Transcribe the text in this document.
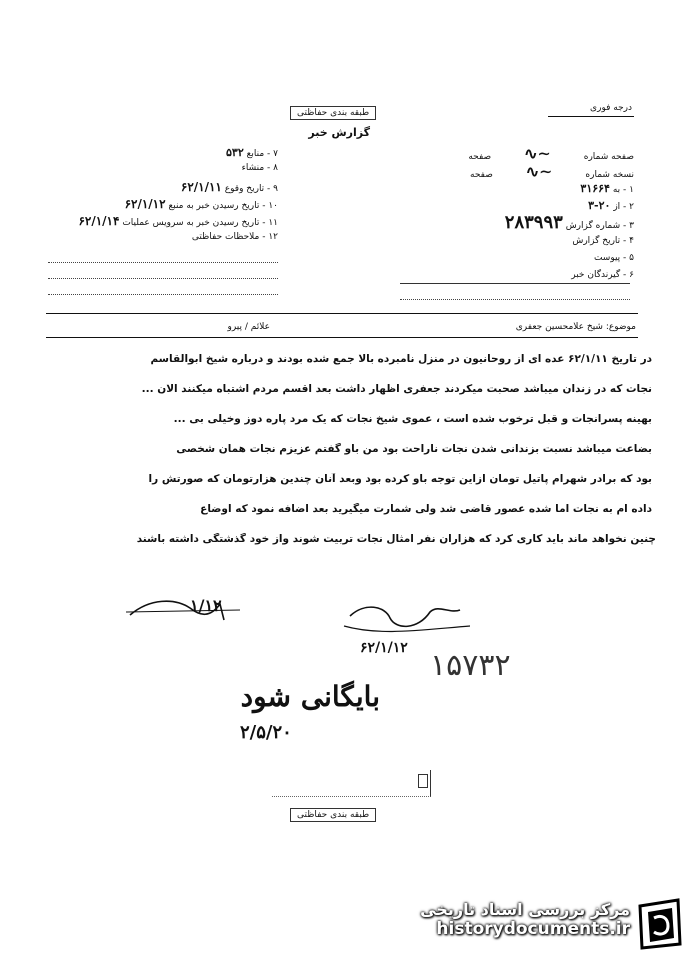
طبقه بندی حفاظتی	درجه فوری
گزارش خبر
۷ - منابع ۵۳۲
۸ - منشاء
۹ - تاریخ وقوع ۶۲/۱/۱۱
۱۰ - تاریخ رسیدن خبر به منبع ۶۲/۱/۱۲
۱۱ - تاریخ رسیدن خبر به سرویس عملیات ۶۲/۱/۱۴
۱۲ - ملاحظات حفاظتی
صفحه شماره ∽∿ صفحه
نسخه شماره ∽∿ صفحه
۱ - به ۳۱۶۶۴
۲ - از ۲۰-۳
۳ - شماره گزارش ۲۸۳۹۹۳
۴ - تاریخ گزارش
۵ - پیوست
۶ - گیرندگان خبر
موضوع: شیخ علامحسین جعفری
علائم / پیرو
در تاریخ ۶۲/۱/۱۱ عده ای از روحانیون در منزل نامبرده بالا جمع شده بودند و درباره شیخ ابوالقاسم
نجات که در زندان میباشد صحبت میکردند جعفری اظهار داشت بعد اقسم مردم اشتباه میکنند الان ...
بهینه پسرانجات و قبل ترخوب شده است ، عموی شیخ نجات که یک مرد پاره دوز وخیلی بی ...
بضاعت میباشد نسبت بزندانی شدن نجات ناراحت بود من باو گفتم عزیزم نجات همان شخصی
بود که برادر شهرام پاتیل تومان ازاین توجه باو کرده بود وبعد آنان چندین هزارتومان که صورتش را
داده ام به نجات اما شده عصور قاضی شد ولی شمارت میگیرید بعد اضافه نمود که اوضاع
چنین نخواهد ماند باید کاری کرد که هزاران نفر امثال نجات تربیت شوند واز خود گذشتگی داشته باشند
۱/۱۲
۶۲/۱/۱۲ ۱۵۷۳۲
بایگانی شود
۲/۵/۲۰
طبقه بندی حفاظتی
مرکز بررسی اسناد تاریخی
historydocuments.ir
